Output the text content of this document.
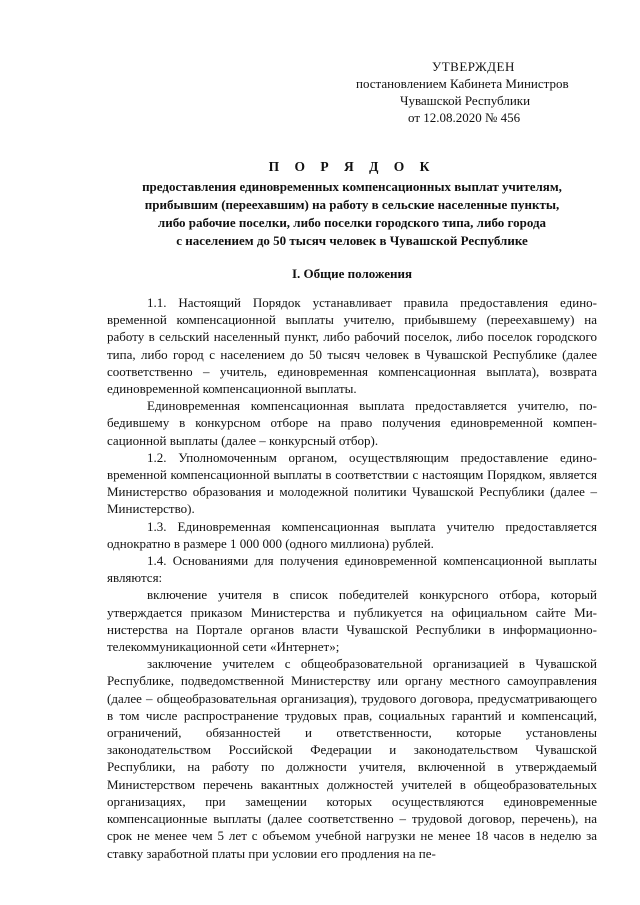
УТВЕРЖДЕН
постановлением Кабинета Министров
Чувашской Республики
от 12.08.2020 № 456
П О Р Я Д О К
предоставления единовременных компенсационных выплат учителям,
прибывшим (переехавшим) на работу в сельские населенные пункты,
либо рабочие поселки, либо поселки городского типа, либо города
с населением до 50 тысяч человек в Чувашской Республике
I. Общие положения

1.1. Настоящий Порядок устанавливает правила предоставления единовременной компенсационной выплаты учителю, прибывшему (переехавшему) на работу в сельский населенный пункт, либо рабочий поселок, либо поселок городского типа, либо город с населением до 50 тысяч человек в Чувашской Республике (далее соответственно – учитель, единовременная компенсационная выплата), возврата единовременной компенсационной выплаты.

Единовременная компенсационная выплата предоставляется учителю, победившему в конкурсном отборе на право получения единовременной компенсационной выплаты (далее – конкурсный отбор).

1.2. Уполномоченным органом, осуществляющим предоставление единовременной компенсационной выплаты в соответствии с настоящим Порядком, является Министерство образования и молодежной политики Чувашской Республики (далее – Министерство).

1.3. Единовременная компенсационная выплата учителю предоставляется однократно в размере 1 000 000 (одного миллиона) рублей.

1.4. Основаниями для получения единовременной компенсационной выплаты являются:

включение учителя в список победителей конкурсного отбора, который утверждается приказом Министерства и публикуется на официальном сайте Министерства на Портале органов власти Чувашской Республики в информационно-телекоммуникационной сети «Интернет»;

заключение учителем с общеобразовательной организацией в Чувашской Республике, подведомственной Министерству или органу местного самоуправления (далее – общеобразовательная организация), трудового договора, предусматривающего в том числе распространение трудовых прав, социальных гарантий и компенсаций, ограничений, обязанностей и ответственности, которые установлены законодательством Российской Федерации и законодательством Чувашской Республики, на работу по должности учителя, включенной в утверждаемый Министерством перечень вакантных должностей учителей в общеобразовательных организациях, при замещении которых осуществляются единовременные компенсационные выплаты (далее соответственно – трудовой договор, перечень), на срок не менее чем 5 лет с объемом учебной нагрузки не менее 18 часов в неделю за ставку заработной платы при условии его продления на пе-
